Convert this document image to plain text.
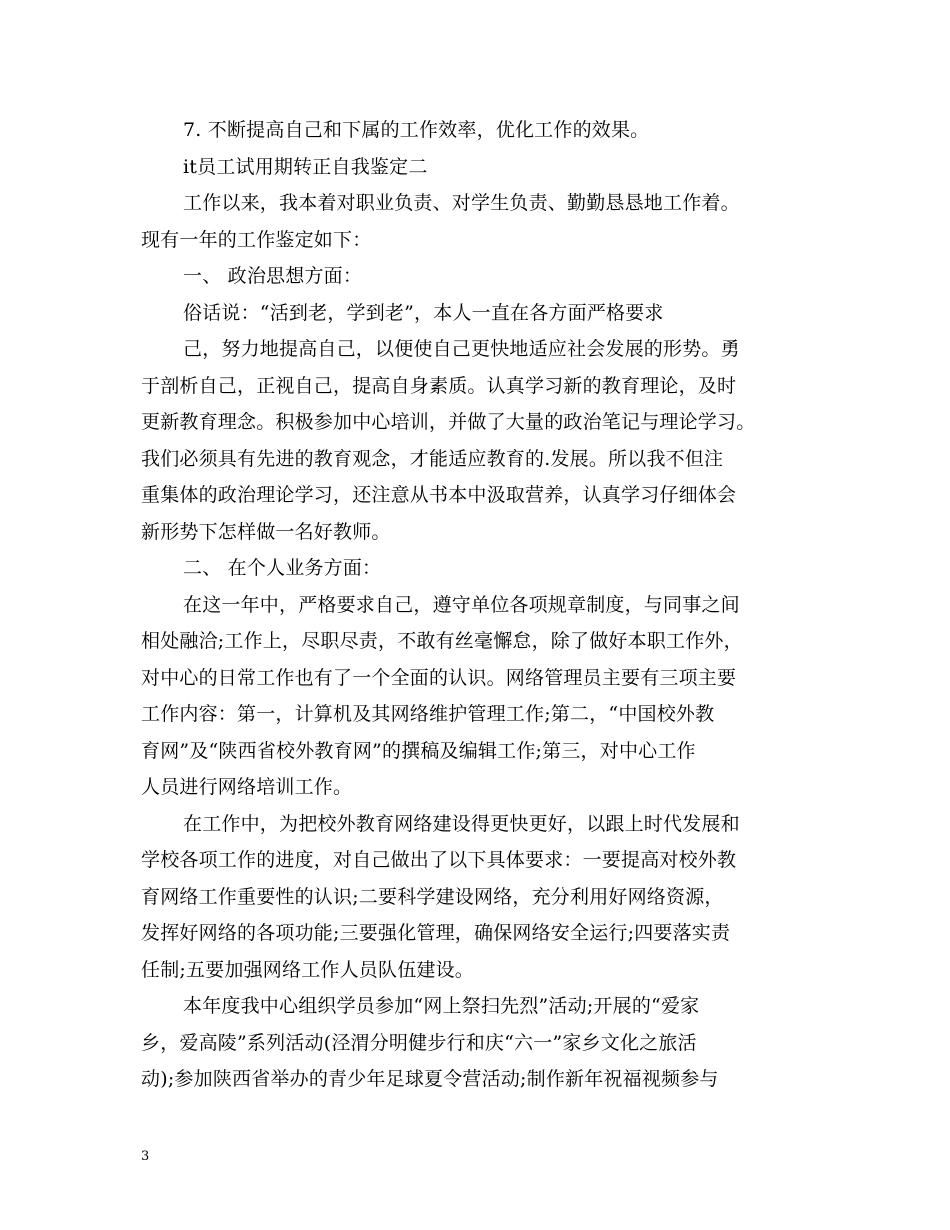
7. 不断提高自己和下属的工作效率，优化工作的效果。
it员工试用期转正自我鉴定二
工作以来，我本着对职业负责、对学生负责、勤勤恳恳地工作着。
现有一年的工作鉴定如下：
一、 政治思想方面：
俗话说：“活到老，学到老”，本人一直在各方面严格要求
己，努力地提高自己，以便使自己更快地适应社会发展的形势。勇
于剖析自己，正视自己，提高自身素质。认真学习新的教育理论，及时
更新教育理念。积极参加中心培训，并做了大量的政治笔记与理论学习。
我们必须具有先进的教育观念，才能适应教育的.发展。所以我不但注
重集体的政治理论学习，还注意从书本中汲取营养，认真学习仔细体会
新形势下怎样做一名好教师。
二、 在个人业务方面：
在这一年中，严格要求自己，遵守单位各项规章制度，与同事之间
相处融洽;工作上，尽职尽责，不敢有丝毫懈怠，除了做好本职工作外，
对中心的日常工作也有了一个全面的认识。网络管理员主要有三项主要
工作内容：第一，计算机及其网络维护管理工作;第二，“中国校外教
育网”及“陕西省校外教育网”的撰稿及编辑工作;第三，对中心工作
人员进行网络培训工作。
在工作中，为把校外教育网络建设得更快更好，以跟上时代发展和
学校各项工作的进度，对自己做出了以下具体要求：一要提高对校外教
育网络工作重要性的认识;二要科学建设网络，充分利用好网络资源，
发挥好网络的各项功能;三要强化管理，确保网络安全运行;四要落实责
任制;五要加强网络工作人员队伍建设。
本年度我中心组织学员参加“网上祭扫先烈”活动;开展的“爱家
乡，爱高陵”系列活动(泾渭分明健步行和庆“六一”家乡文化之旅活
动);参加陕西省举办的青少年足球夏令营活动;制作新年祝福视频参与
3
